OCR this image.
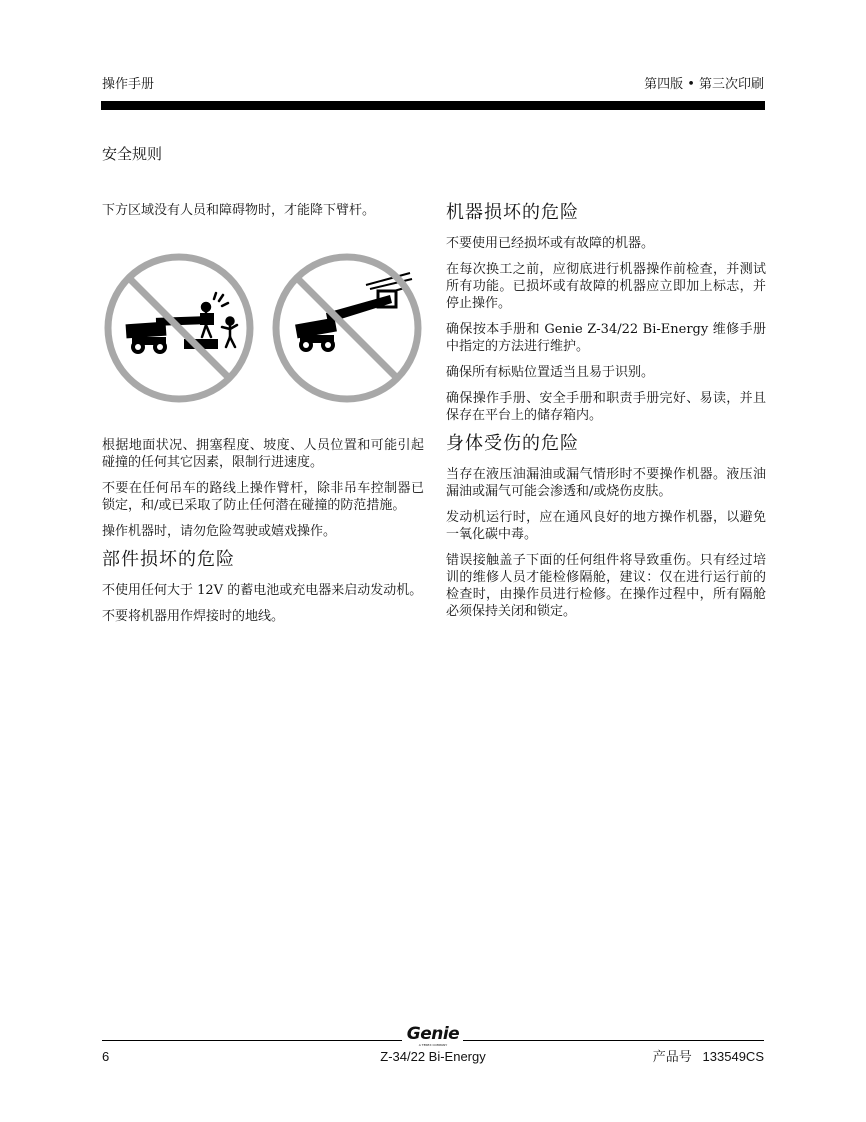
操作手册	第四版 • 第三次印刷
安全规则

下方区域没有人员和障碍物时，才能降下臂杆。

根据地面状况、拥塞程度、坡度、人员位置和可能引起碰撞的任何其它因素，限制行进速度。

不要在任何吊车的路线上操作臂杆，除非吊车控制器已锁定，和/或已采取了防止任何潜在碰撞的防范措施。

操作机器时，请勿危险驾驶或嬉戏操作。

部件损坏的危险

不使用任何大于 12V 的蓄电池或充电器来启动发动机。

不要将机器用作焊接时的地线。

机器损坏的危险

不要使用已经损坏或有故障的机器。

在每次换工之前，应彻底进行机器操作前检查，并测试所有功能。已损坏或有故障的机器应立即加上标志，并停止操作。

确保按本手册和 Genie Z-34/22 Bi-Energy 维修手册中指定的方法进行维护。

确保所有标贴位置适当且易于识别。

确保操作手册、安全手册和职责手册完好、易读，并且保存在平台上的储存箱内。

身体受伤的危险

当存在液压油漏油或漏气情形时不要操作机器。液压油漏油或漏气可能会渗透和/或烧伤皮肤。

发动机运行时，应在通风良好的地方操作机器，以避免一氧化碳中毒。

错误接触盖子下面的任何组件将导致重伤。只有经过培训的维修人员才能检修隔舱，建议：仅在进行运行前的检查时，由操作员进行检修。在操作过程中，所有隔舱必须保持关闭和锁定。

Genie
A TEREX COMPANY
6	Z-34/22 Bi-Energy	产品号 133549CS
